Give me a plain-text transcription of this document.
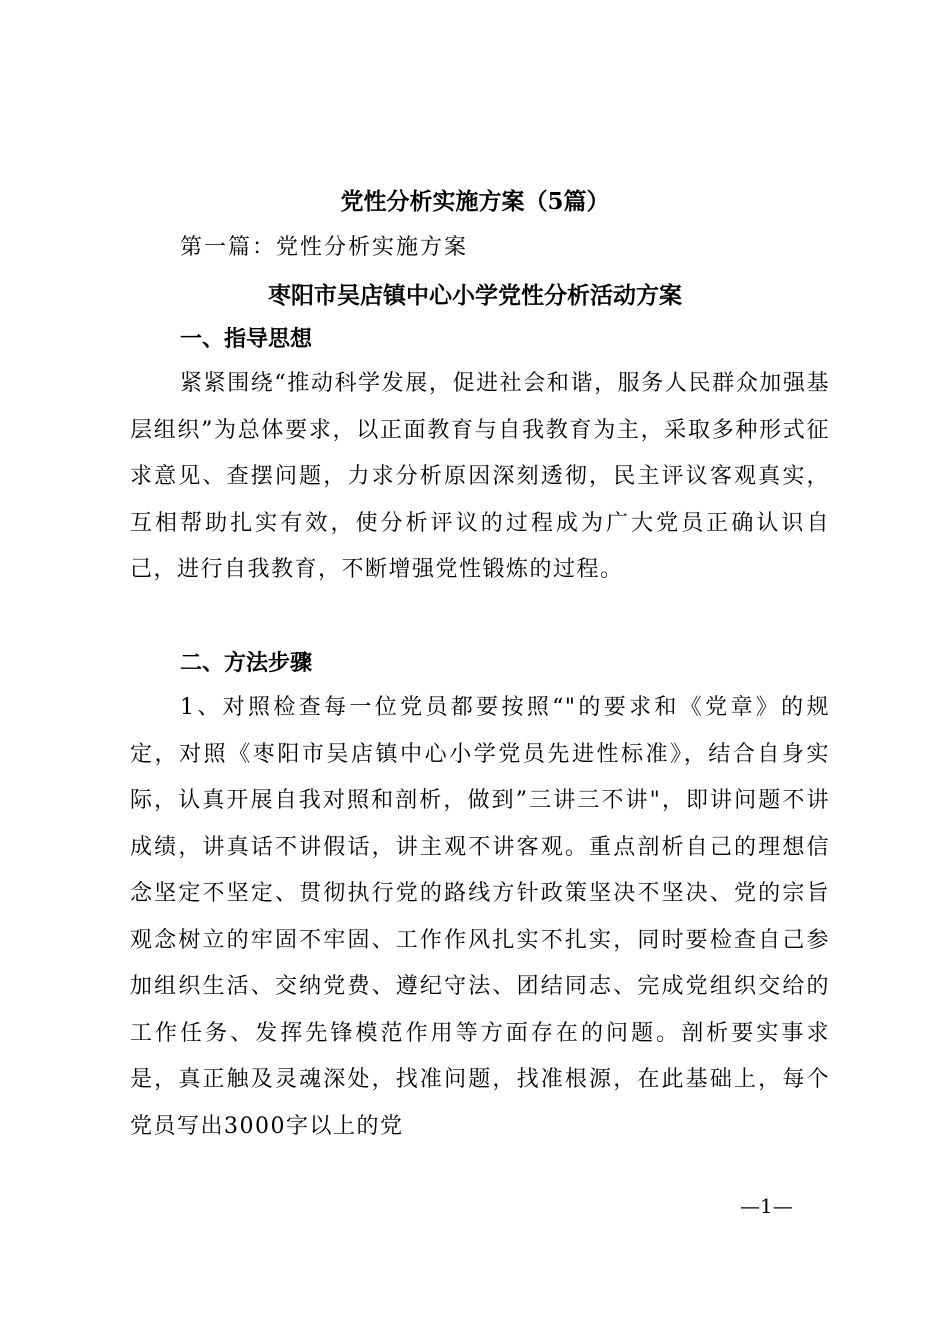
党性分析实施方案（5篇）
第一篇：党性分析实施方案
枣阳市吴店镇中心小学党性分析活动方案
一、指导思想

紧紧围绕“推动科学发展，促进社会和谐，服务人民群众加强基层组织”为总体要求，以正面教育与自我教育为主，采取多种形式征求意见、查摆问题，力求分析原因深刻透彻，民主评议客观真实，互相帮助扎实有效，使分析评议的过程成为广大党员正确认识自己，进行自我教育，不断增强党性锻炼的过程。

二、方法步骤

1、对照检查每一位党员都要按照“"的要求和《党章》的规定，对照《枣阳市吴店镇中心小学党员先进性标准》，结合自身实际，认真开展自我对照和剖析，做到”三讲三不讲"，即讲问题不讲成绩，讲真话不讲假话，讲主观不讲客观。重点剖析自己的理想信念坚定不坚定、贯彻执行党的路线方针政策坚决不坚决、党的宗旨观念树立的牢固不牢固、工作作风扎实不扎实，同时要检查自己参加组织生活、交纳党费、遵纪守法、团结同志、完成党组织交给的工作任务、发挥先锋模范作用等方面存在的问题。剖析要实事求是，真正触及灵魂深处，找准问题，找准根源，在此基础上，每个党员写出3000字以上的党

—1—
